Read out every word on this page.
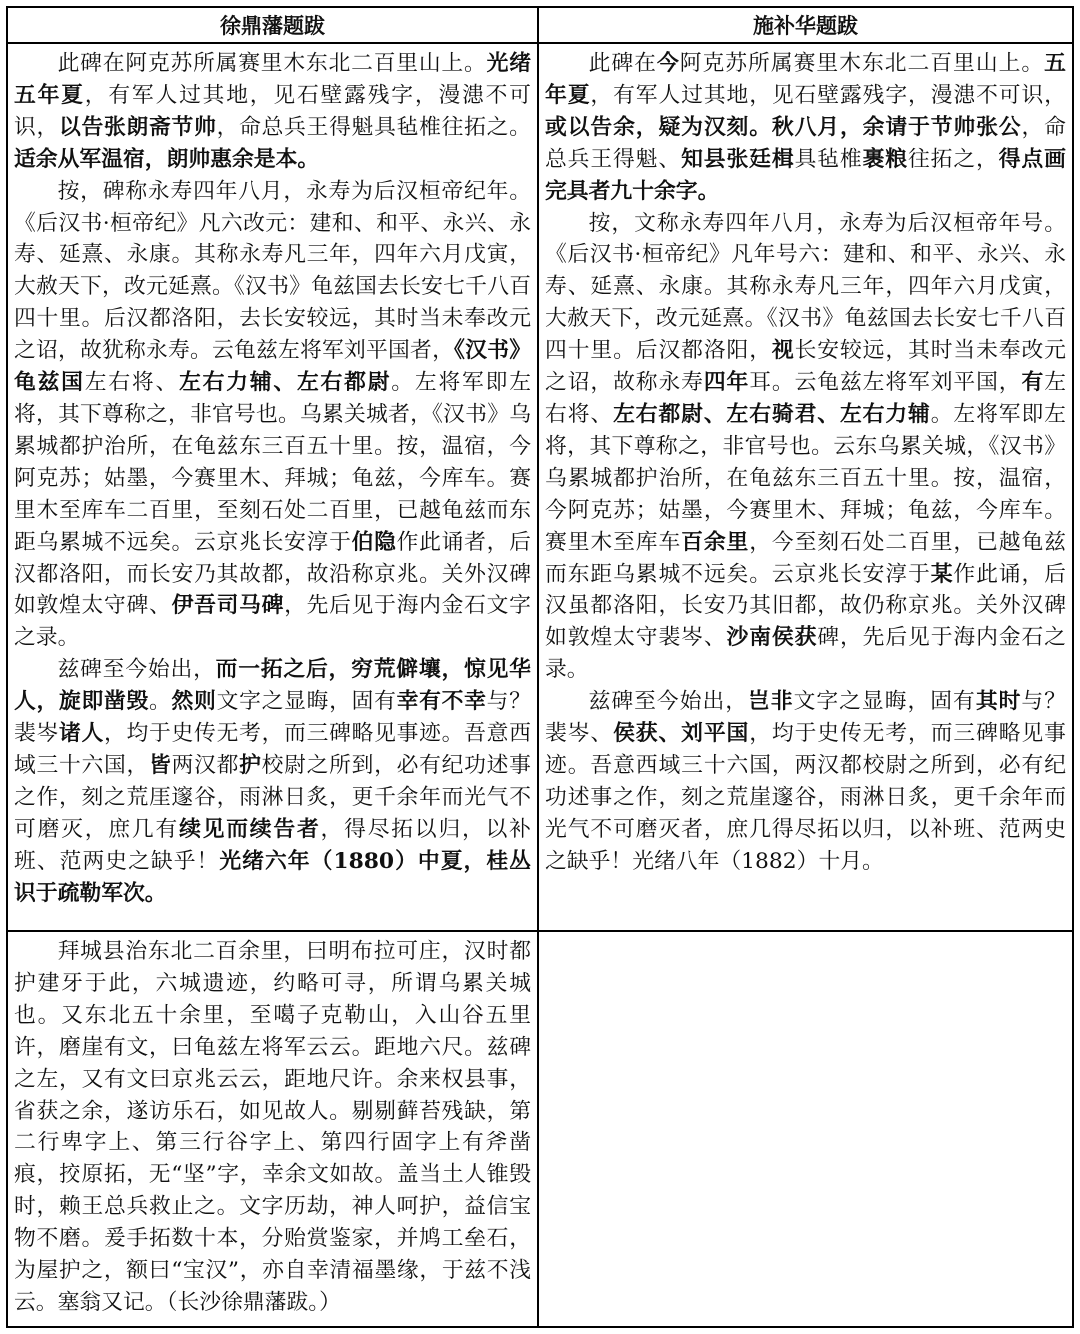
徐鼎藩题跋	施补华题跋

此碑在阿克苏所属赛里木东北二百里山上。光绪五年夏，有军人过其地，见石壁露残字，漫漶不可识，以告张朗斋节帅，命总兵王得魁具毡椎往拓之。适余从军温宿，朗帅惠余是本。

按，碑称永寿四年八月，永寿为后汉桓帝纪年。《后汉书·桓帝纪》凡六改元：建和、和平、永兴、永寿、延熹、永康。其称永寿凡三年，四年六月戊寅，大赦天下，改元延熹。《汉书》龟兹国去长安七千八百四十里。后汉都洛阳，去长安较远，其时当未奉改元之诏，故犹称永寿。云龟兹左将军刘平国者，《汉书》龟兹国左右将、左右力辅、左右都尉。左将军即左将，其下尊称之，非官号也。乌累关城者，《汉书》乌累城都护治所，在龟兹东三百五十里。按，温宿，今阿克苏；姑墨，今赛里木、拜城；龟兹，今库车。赛里木至库车二百里，至刻石处二百里，已越龟兹而东距乌累城不远矣。云京兆长安淳于伯隐作此诵者，后汉都洛阳，而长安乃其故都，故沿称京兆。关外汉碑如敦煌太守碑、伊吾司马碑，先后见于海内金石文字之录。

兹碑至今始出，而一拓之后，穷荒僻壤，惊见华人，旋即凿毁。然则文字之显晦，固有幸有不幸与？裴岑诸人，均于史传无考，而三碑略见事迹。吾意西域三十六国，皆两汉都护校尉之所到，必有纪功述事之作，刻之荒厓邃谷，雨淋日炙，更千余年而光气不可磨灭，庶几有续见而续告者，得尽拓以归，以补班、范两史之缺乎！光绪六年（1880）中夏，桂丛识于疏勒军次。

此碑在今阿克苏所属赛里木东北二百里山上。五年夏，有军人过其地，见石壁露残字，漫漶不可识，或以告余，疑为汉刻。秋八月，余请于节帅张公，命总兵王得魁、知县张廷楫具毡椎裹粮往拓之，得点画完具者九十余字。

按，文称永寿四年八月，永寿为后汉桓帝年号。《后汉书·桓帝纪》凡年号六：建和、和平、永兴、永寿、延熹、永康。其称永寿凡三年，四年六月戊寅，大赦天下，改元延熹。《汉书》龟兹国去长安七千八百四十里。后汉都洛阳，视长安较远，其时当未奉改元之诏，故称永寿四年耳。云龟兹左将军刘平国，有左右将、左右都尉、左右骑君、左右力辅。左将军即左将，其下尊称之，非官号也。云东乌累关城，《汉书》乌累城都护治所，在龟兹东三百五十里。按，温宿，今阿克苏；姑墨，今赛里木、拜城；龟兹，今库车。赛里木至库车百余里，今至刻石处二百里，已越龟兹而东距乌累城不远矣。云京兆长安淳于某作此诵，后汉虽都洛阳，长安乃其旧都，故仍称京兆。关外汉碑如敦煌太守裴岑、沙南侯获碑，先后见于海内金石之录。

兹碑至今始出，岂非文字之显晦，固有其时与？裴岑、侯获、刘平国，均于史传无考，而三碑略见事迹。吾意西域三十六国，两汉都校尉之所到，必有纪功述事之作，刻之荒崖邃谷，雨淋日炙，更千余年而光气不可磨灭者，庶几得尽拓以归，以补班、范两史之缺乎！光绪八年（1882）十月。

拜城县治东北二百余里，曰明布拉可庄，汉时都护建牙于此，六城遗迹，约略可寻，所谓乌累关城也。又东北五十余里，至噶子克勒山，入山谷五里许，磨崖有文，曰龟兹左将军云云。距地六尺。兹碑之左，又有文曰京兆云云，距地尺许。余来权县事，省获之余，遂访乐石，如见故人。剔剔藓苔残缺，第二行卑字上、第三行谷字上、第四行固字上有斧凿痕，挍原拓，无“坚”字，幸余文如故。盖当土人锥毁时，赖王总兵救止之。文字历劫，神人呵护，益信宝物不磨。爰手拓数十本，分贻赏鉴家，并鸠工垒石，为屋护之，额曰“宝汉”，亦自幸清福墨缘，于兹不浅云。塞翁又记。（长沙徐鼎藩跋。）
